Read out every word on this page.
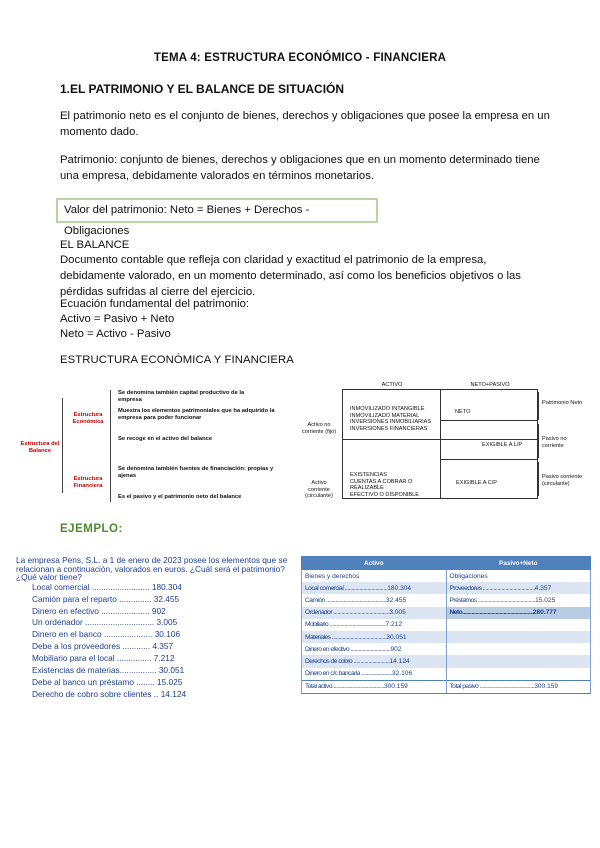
TEMA 4: ESTRUCTURA ECONÓMICO - FINANCIERA
1.EL PATRIMONIO Y EL BALANCE DE SITUACIÓN
El patrimonio neto es el conjunto de bienes, derechos y obligaciones que posee la empresa en un momento dado.
Patrimonio: conjunto de bienes, derechos y obligaciones que en un momento determinado tiene una empresa, debidamente valorados en términos monetarios.
Valor del patrimonio: Neto = Bienes + Derechos - Obligaciones
EL BALANCE
Documento contable que refleja con claridad y exactitud el patrimonio de la empresa, debidamente valorado, en un momento determinado, así como los beneficios objetivos o las pérdidas sufridas al cierre del ejercicio.
Ecuación fundamental del patrimonio:
Activo = Pasivo + Neto
Neto = Activo - Pasivo
ESTRUCTURA ECONÓMICA Y FINANCIERA
Estructura del Balance
Estructura Económica
Estructura Financiera
Se denomina también capital productivo de la empresa
Muestra los elementos patrimoniales que ha adquirido la empresa para poder funcionar
Se recoge en el activo del balance
Se denomina también fuentes de financiación: propias y ajenas
Es el pasivo y el patrimonio neto del balance
ACTIVO	NETO+PASIVO
Activo no corriente (fijo)
Activo corriente (circulante)
INMOVILIZADO INTANGIBLE
INMOVILIZADO MATERIAL
INVERSIONES INMOBILIARIAS
INVERSIONES FINANCIERAS
EXISTENCIAS
CUENTAS A COBRAR O REALIZABLE
EFECTIVO O DISPONIBLE
NETO
EXIGIBLE A L/P
EXIGIBLE A C/P
Patrimonio Neto
Pasivo no corriente
Pasivo corriente (circulante)
EJEMPLO:
La empresa Pens, S.L. a 1 de enero de 2023 posee los elementos que se relacionan a continuación, valorados en euros. ¿Cuál será el patrimonio? ¿Qué valor tiene?
Local comercial ......................... 180.304
Camión para el reparto .............. 32.455
Dinero en efectivo ..................... 902
Un ordenador .............................. 3.005
Dinero en el banco ..................... 30.106
Debe a los proveedores ............ 4.357
Mobiliario para el local ............... 7.212
Existencias de materias................ 30.051
Debe al banco un préstamo ........ 15.025
Derecho de cobro sobre clientes .. 14.124
Activo	Pasivo+Neto
Bienes y derechos	Obligaciones
Local comercial ................................180.304	Proveedores .......................................4.357
Camión .............................................32.455	Préstamos ...........................................15.025
Ordenador ..........................................3.005	Neto.....................................................280.777
Mobiliario ..........................................7.212	
Materiales .........................................30.051	
Dinero en efectivo ..............................902	
Derechos de cobro ...........................14.124	
Dinero en c/c bancaria .......................32.106	
Total activo.......................................300.159	Total pasivo .........................................300.159
